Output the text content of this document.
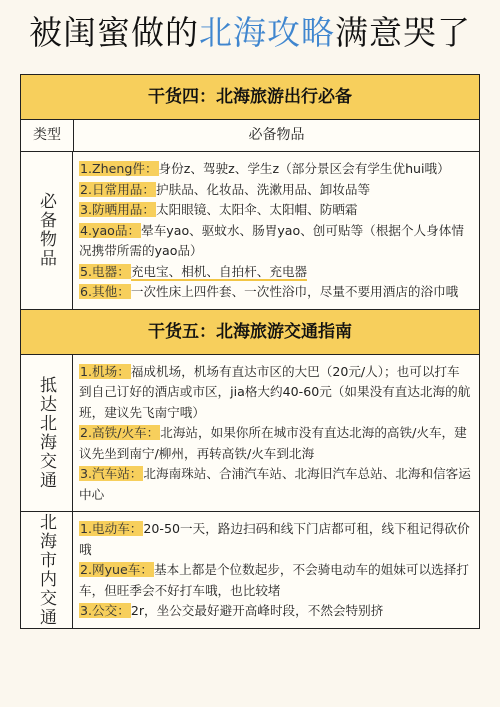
被闺蜜做的北海攻略满意哭了
干货四：北海旅游出行必备
类型	必备物品
必备物品

1.Zheng件：身份z、驾驶z、学生z（部分景区会有学生优hui哦）

2.日常用品：护肤品、化妆品、洗漱用品、卸妆品等

3.防晒用品：太阳眼镜、太阳伞、太阳帽、防晒霜

4.yao品：晕车yao、驱蚊水、肠胃yao、创可贴等（根据个人身体情况携带所需的yao品）

5.电器：充电宝、相机、自拍杆、充电器

6.其他：一次性床上四件套、一次性浴巾，尽量不要用酒店的浴巾哦

干货五：北海旅游交通指南
抵达北海交通

1.机场：福成机场，机场有直达市区的大巴（20元/人）；也可以打车到自己订好的酒店或市区，jia格大约40-60元（如果没有直达北海的航班，建议先飞南宁哦）

2.高铁/火车：北海站，如果你所在城市没有直达北海的高铁/火车，建议先坐到南宁/柳州，再转高铁/火车到北海

3.汽车站：北海南珠站、合浦汽车站、北海旧汽车总站、北海和信客运中心

北海市内交通 1.电动车：20-50一天，路边扫码和线下门店都可租，线下租记得砍价哦

2.网yue车：基本上都是个位数起步，不会骑电动车的姐妹可以选择打车，但旺季会不好打车哦，也比较堵

3.公交：2r，坐公交最好避开高峰时段，不然会特别挤
